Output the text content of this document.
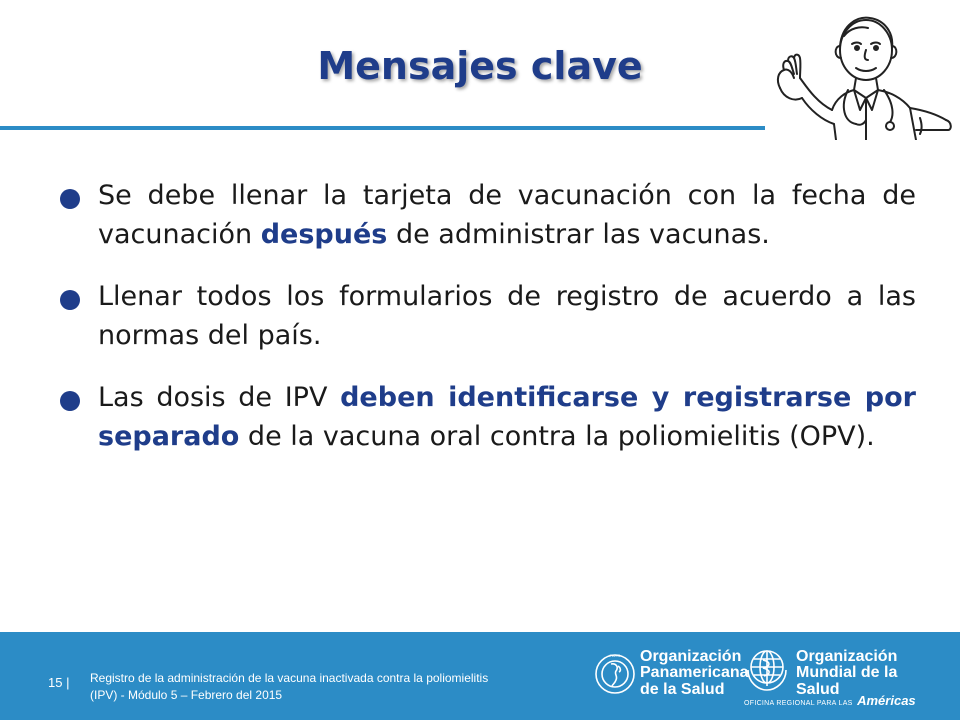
Mensajes clave
Se debe llenar la tarjeta de vacunación con la fecha de vacunación después de administrar las vacunas.
Llenar todos los formularios de registro de acuerdo a las normas del país.
Las dosis de IPV deben identificarse y registrarse por separado de la vacuna oral contra la poliomielitis (OPV).
15 | Registro de la administración de la vacuna inactivada contra la poliomielitis
(IPV) - Módulo 5 – Febrero del 2015
PAHO Organización
Panamericana
de la Salud
Organización
Mundial de la Salud
OFICINA REGIONAL PARA LAS Américas
